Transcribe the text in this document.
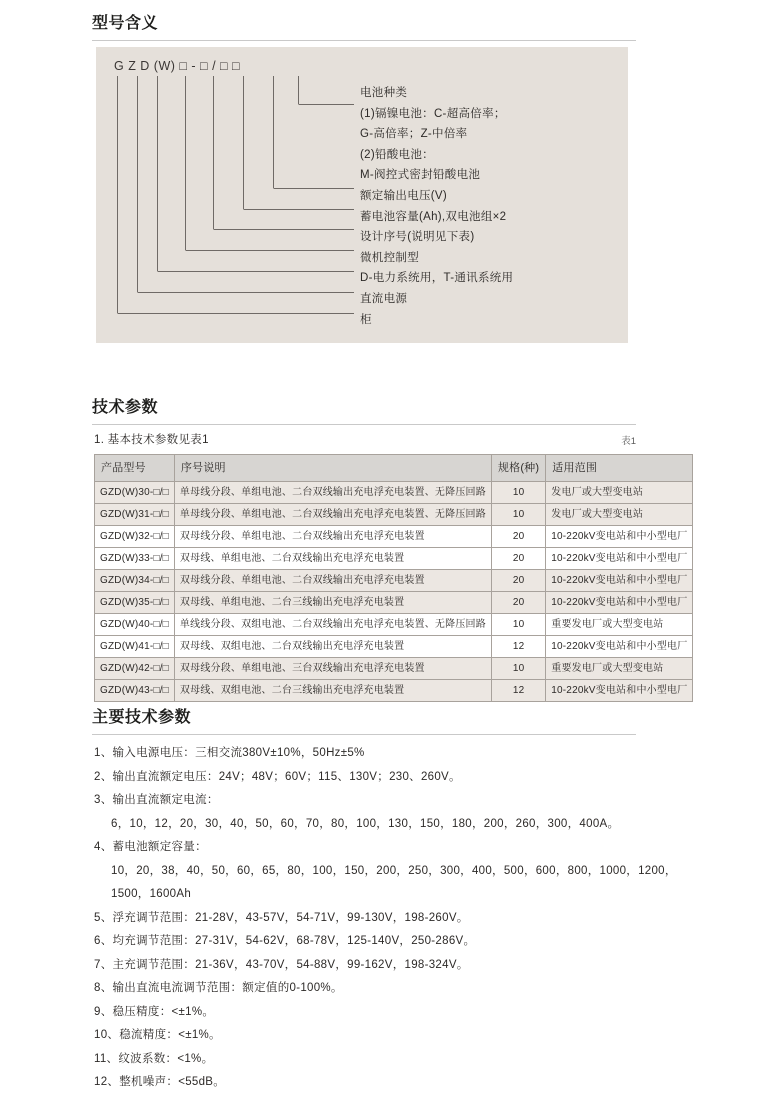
型号含义
G Z D (W) □ - □ / □ □
电池种类
(1)镉镍电池：C-超高倍率；
G-高倍率；Z-中倍率
(2)铅酸电池：
M-阀控式密封铅酸电池
额定输出电压(V)
蓄电池容量(Ah),双电池组×2
设计序号(说明见下表)
微机控制型
D-电力系统用，T-通讯系统用
直流电源
柜
技术参数
1. 基本技术参数见表1	表1
产品型号	序号说明	规格(种)	适用范围
GZD(W)30-□/□	单母线分段、单组电池、二台双线输出充电浮充电装置、无降压回路	10	发电厂或大型变电站
GZD(W)31-□/□	单母线分段、单组电池、二台双线输出充电浮充电装置、无降压回路	10	发电厂或大型变电站
GZD(W)32-□/□	双母线分段、单组电池、二台双线输出充电浮充电装置	20	10-220kV变电站和中小型电厂
GZD(W)33-□/□	双母线、单组电池、二台双线输出充电浮充电装置	20	10-220kV变电站和中小型电厂
GZD(W)34-□/□	双母线分段、单组电池、二台双线输出充电浮充电装置	20	10-220kV变电站和中小型电厂
GZD(W)35-□/□	双母线、单组电池、二台三线输出充电浮充电装置	20	10-220kV变电站和中小型电厂
GZD(W)40-□/□	单线线分段、双组电池、二台双线输出充电浮充电装置、无降压回路	10	重要发电厂或大型变电站
GZD(W)41-□/□	双母线、双组电池、二台双线输出充电浮充电装置	12	10-220kV变电站和中小型电厂
GZD(W)42-□/□	双母线分段、单组电池、三台双线输出充电浮充电装置	10	重要发电厂或大型变电站
GZD(W)43-□/□	双母线、双组电池、二台三线输出充电浮充电装置	12	10-220kV变电站和中小型电厂
主要技术参数
1、输入电源电压：三相交流380V±10%，50Hz±5%
2、输出直流额定电压：24V；48V；60V；115、130V；230、260V。
3、输出直流额定电流：
6，10，12，20，30，40，50，60，70，80，100，130，150，180，200，260，300，400A。
4、蓄电池额定容量：
10，20，38，40，50，60，65，80，100，150，200，250，300，400，500，600，800，1000，1200，
1500，1600Ah
5、浮充调节范围：21-28V，43-57V，54-71V，99-130V，198-260V。
6、均充调节范围：27-31V，54-62V，68-78V，125-140V，250-286V。
7、主充调节范围：21-36V，43-70V，54-88V，99-162V，198-324V。
8、输出直流电流调节范围：额定值的0-100%。
9、稳压精度：<±1%。
10、稳流精度：<±1%。
11、纹波系数：<1%。
12、整机噪声：<55dB。
